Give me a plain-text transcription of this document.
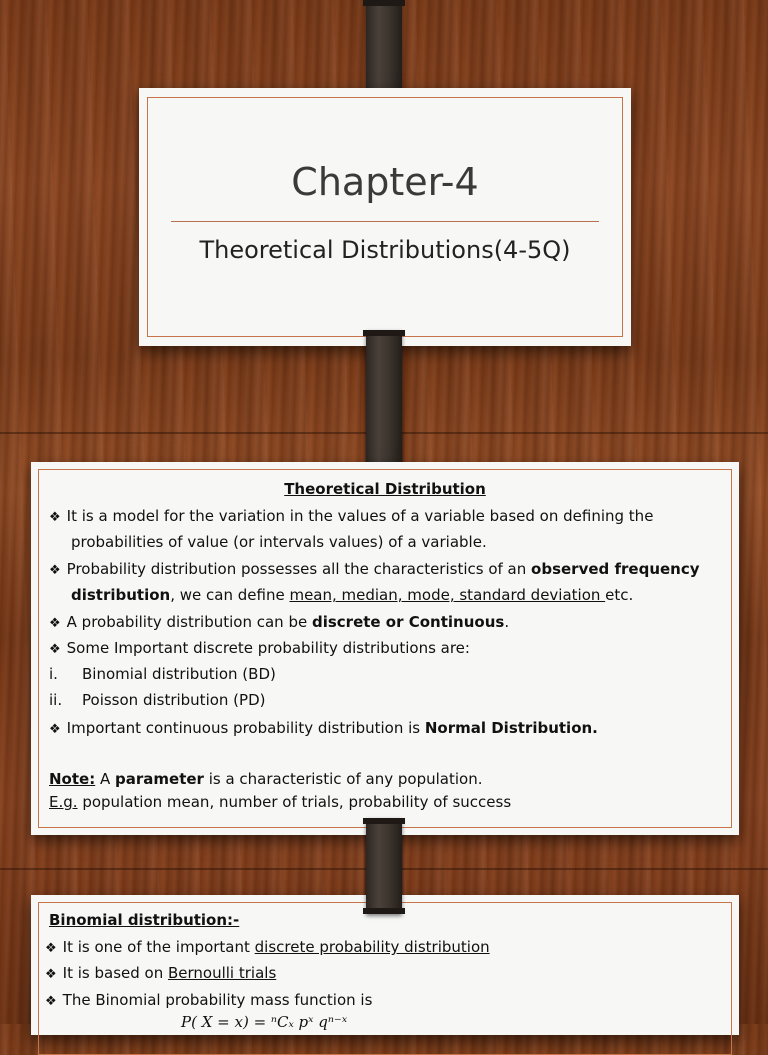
Chapter-4
Theoretical Distributions(4-5Q)
Theoretical Distribution
❖ It is a model for the variation in the values of a variable based on defining the
probabilities of value (or intervals values) of a variable.
❖ Probability distribution possesses all the characteristics of an observed frequency
distribution, we can define mean, median, mode, standard deviation etc.
❖ A probability distribution can be discrete or Continuous.
❖ Some Important discrete probability distributions are:
i. Binomial distribution (BD)
ii. Poisson distribution (PD)
❖ Important continuous probability distribution is Normal Distribution.
Note: A parameter is a characteristic of any population.
E.g. population mean, number of trials, probability of success
Binomial distribution:-
❖ It is one of the important discrete probability distribution
❖ It is based on Bernoulli trials
❖ The Binomial probability mass function is
P( X = x) = ⁿCₓ pˣ qⁿ⁻ˣ
